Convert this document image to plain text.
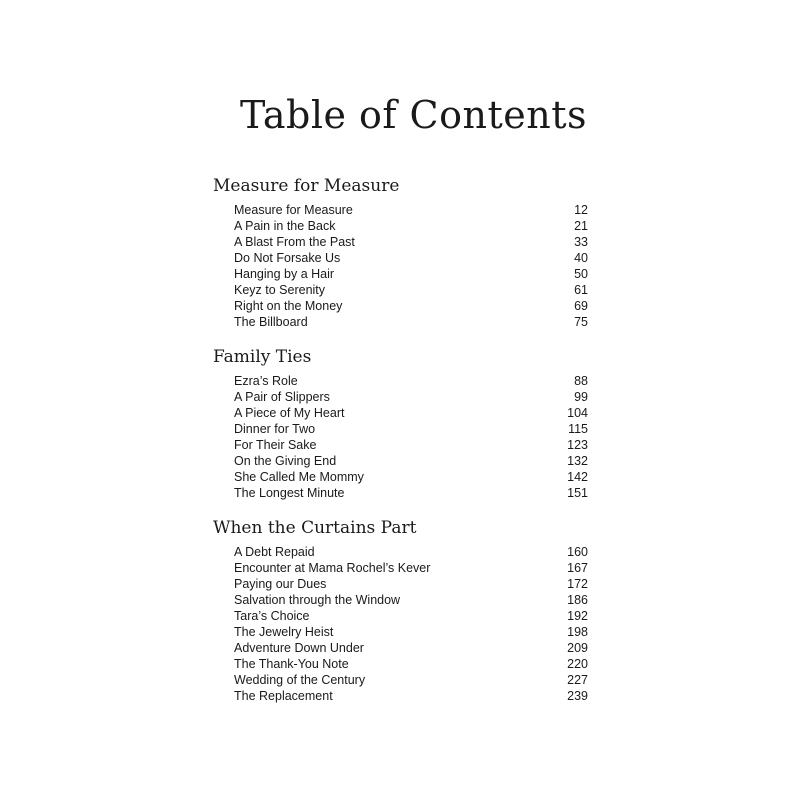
Table of Contents
Measure for Measure
Measure for Measure	12
A Pain in the Back	21
A Blast From the Past	33
Do Not Forsake Us	40
Hanging by a Hair	50
Keyz to Serenity	61
Right on the Money	69
The Billboard	75
Family Ties
Ezra’s Role	88
A Pair of Slippers	99
A Piece of My Heart	104
Dinner for Two	115
For Their Sake	123
On the Giving End	132
She Called Me Mommy	142
The Longest Minute	151
When the Curtains Part
A Debt Repaid	160
Encounter at Mama Rochel’s Kever	167
Paying our Dues	172
Salvation through the Window	186
Tara’s Choice	192
The Jewelry Heist	198
Adventure Down Under	209
The Thank-You Note	220
Wedding of the Century	227
The Replacement	239
